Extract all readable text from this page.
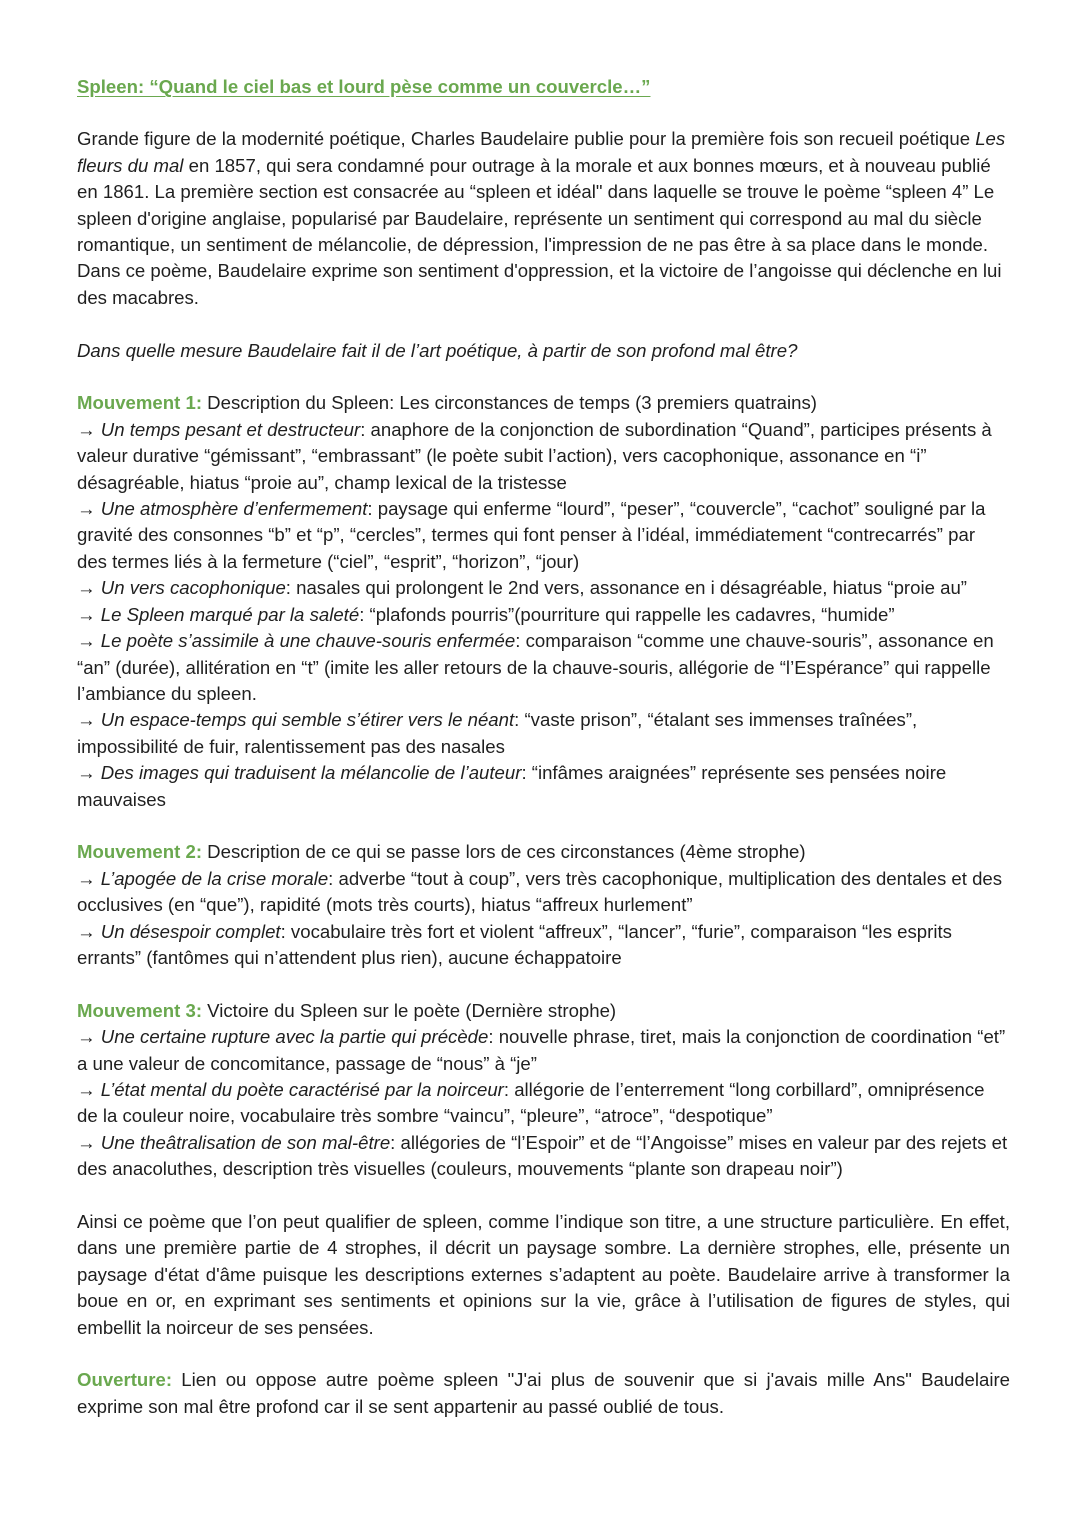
Spleen: “Quand le ciel bas et lourd pèse comme un couvercle…”

Grande figure de la modernité poétique, Charles Baudelaire publie pour la première fois son recueil poétique Les fleurs du mal en 1857, qui sera condamné pour outrage à la morale et aux bonnes mœurs, et à nouveau publié en 1861. La première section est consacrée au “spleen et idéal" dans laquelle se trouve le poème “spleen 4” Le spleen d'origine anglaise, popularisé par Baudelaire, représente un sentiment qui correspond au mal du siècle romantique, un sentiment de mélancolie, de dépression, l'impression de ne pas être à sa place dans le monde. Dans ce poème, Baudelaire exprime son sentiment d'oppression, et la victoire de l’angoisse qui déclenche en lui des macabres.

Dans quelle mesure Baudelaire fait il de l’art poétique, à partir de son profond mal être?

Mouvement 1: Description du Spleen: Les circonstances de temps (3 premiers quatrains)
→ Un temps pesant et destructeur: anaphore de la conjonction de subordination “Quand”, participes présents à valeur durative “gémissant”, “embrassant” (le poète subit l’action), vers cacophonique, assonance en “i” désagréable, hiatus “proie au”, champ lexical de la tristesse
→ Une atmosphère d’enfermement: paysage qui enferme “lourd”, “peser”, “couvercle”, “cachot” souligné par la gravité des consonnes “b” et “p”, “cercles”, termes qui font penser à l’idéal, immédiatement “contrecarrés” par des termes liés à la fermeture (“ciel”, “esprit”, “horizon”, “jour)
→ Un vers cacophonique: nasales qui prolongent le 2nd vers, assonance en i désagréable, hiatus “proie au”
→ Le Spleen marqué par la saleté: “plafonds pourris”(pourriture qui rappelle les cadavres, “humide”
→ Le poète s’assimile à une chauve-souris enfermée: comparaison “comme une chauve-souris”, assonance en “an” (durée), allitération en “t” (imite les aller retours de la chauve-souris, allégorie de “l’Espérance” qui rappelle l’ambiance du spleen.
→ Un espace-temps qui semble s’étirer vers le néant: “vaste prison”, “étalant ses immenses traînées”, impossibilité de fuir, ralentissement pas des nasales
→ Des images qui traduisent la mélancolie de l’auteur: “infâmes araignées” représente ses pensées noire mauvaises
Mouvement 2: Description de ce qui se passe lors de ces circonstances (4ème strophe)
→ L’apogée de la crise morale: adverbe “tout à coup”, vers très cacophonique, multiplication des dentales et des occlusives (en “que”), rapidité (mots très courts), hiatus “affreux hurlement”
→ Un désespoir complet: vocabulaire très fort et violent “affreux”, “lancer”, “furie”, comparaison “les esprits errants” (fantômes qui n’attendent plus rien), aucune échappatoire
Mouvement 3: Victoire du Spleen sur le poète (Dernière strophe)
→ Une certaine rupture avec la partie qui précède: nouvelle phrase, tiret, mais la conjonction de coordination “et” a une valeur de concomitance, passage de “nous” à “je”
→ L’état mental du poète caractérisé par la noirceur: allégorie de l’enterrement “long corbillard”, omniprésence de la couleur noire, vocabulaire très sombre “vaincu”, “pleure”, “atroce”, “despotique”
→ Une theâtralisation de son mal-être: allégories de “l’Espoir” et de “l’Angoisse” mises en valeur par des rejets et des anacoluthes, description très visuelles (couleurs, mouvements “plante son drapeau noir”)

Ainsi ce poème que l’on peut qualifier de spleen, comme l’indique son titre, a une structure particulière. En effet, dans une première partie de 4 strophes, il décrit un paysage sombre. La dernière strophes, elle, présente un paysage d'état d'âme puisque les descriptions externes s’adaptent au poète. Baudelaire arrive à transformer la boue en or, en exprimant ses sentiments et opinions sur la vie, grâce à l’utilisation de figures de styles, qui embellit la noirceur de ses pensées.

Ouverture: Lien ou oppose autre poème spleen "J'ai plus de souvenir que si j'avais mille Ans" Baudelaire exprime son mal être profond car il se sent appartenir au passé oublié de tous.
